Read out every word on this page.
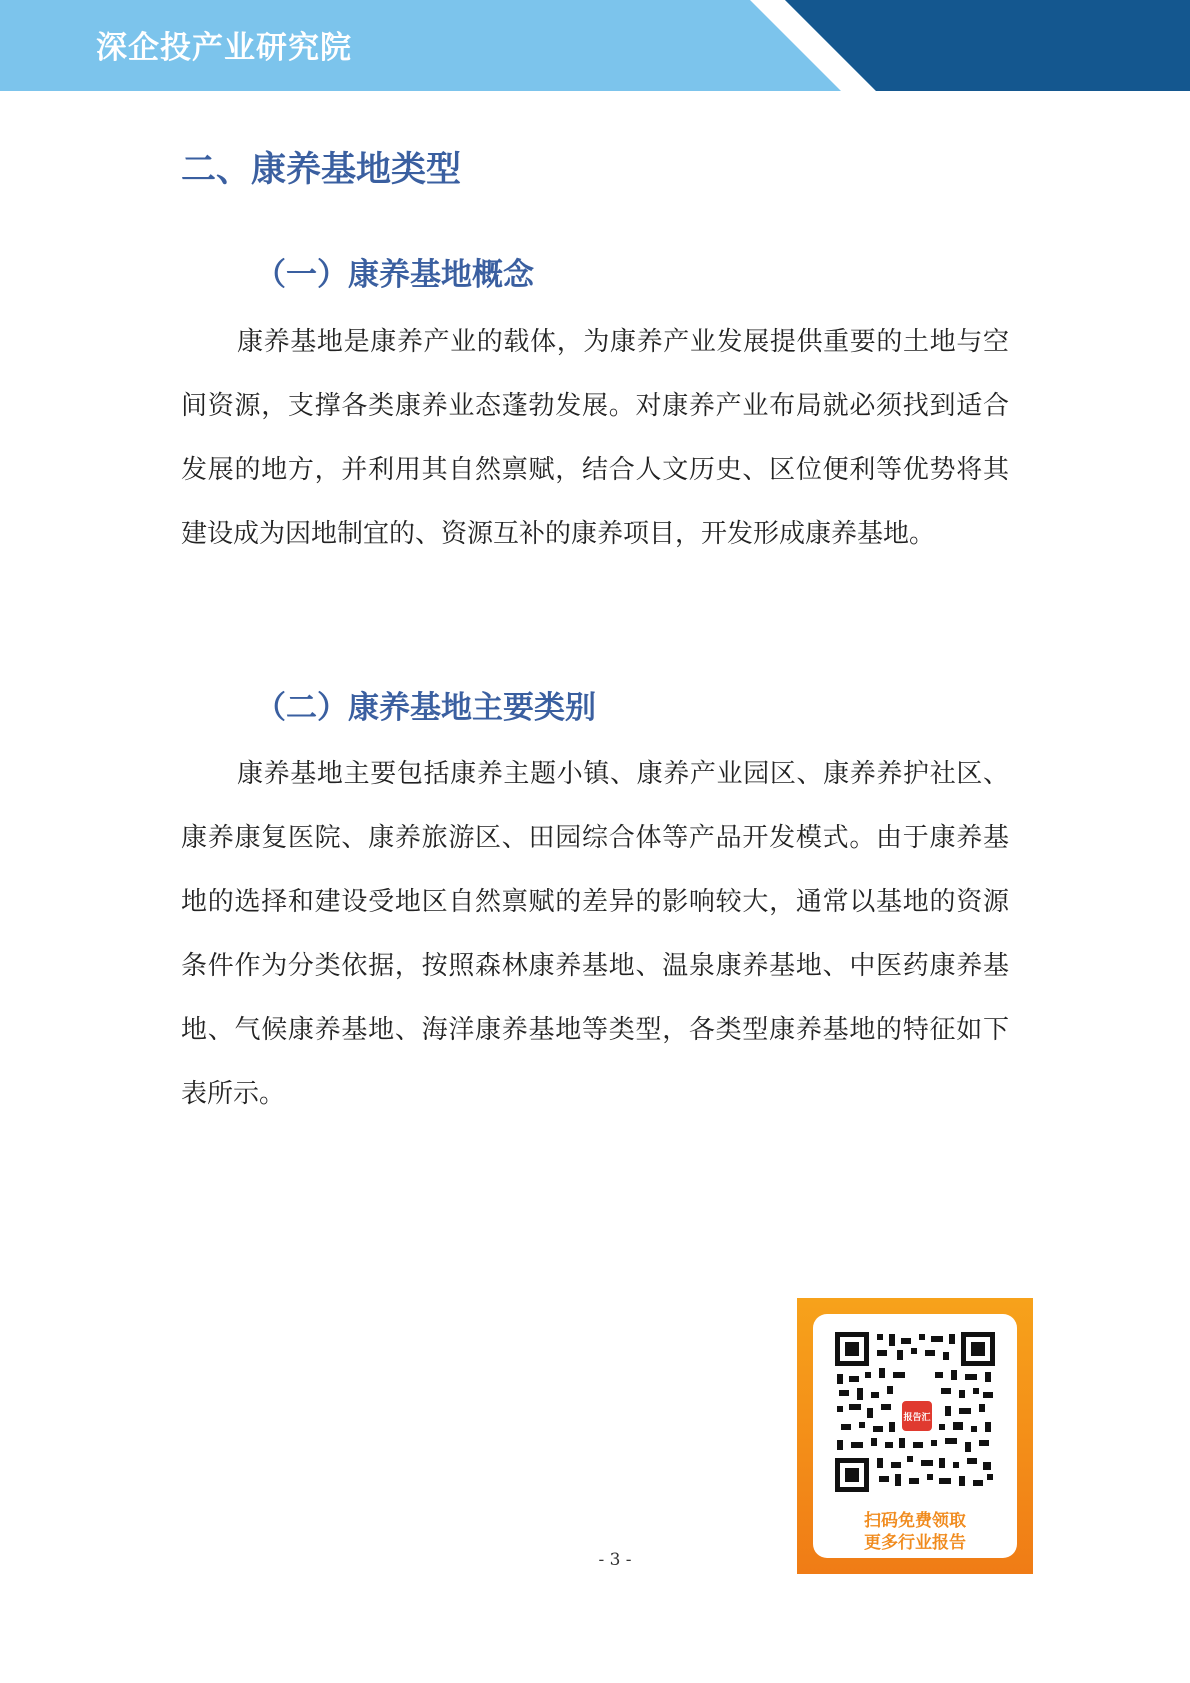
深企投产业研究院
二、康养基地类型
（一）康养基地概念

康养基地是康养产业的载体，为康养产业发展提供重要的土地与空间资源，支撑各类康养业态蓬勃发展。对康养产业布局就必须找到适合发展的地方，并利用其自然禀赋，结合人文历史、区位便利等优势将其建设成为因地制宜的、资源互补的康养项目，开发形成康养基地。

（二）康养基地主要类别

康养基地主要包括康养主题小镇、康养产业园区、康养养护社区、康养康复医院、康养旅游区、田园综合体等产品开发模式。由于康养基地的选择和建设受地区自然禀赋的差异的影响较大，通常以基地的资源条件作为分类依据，按照森林康养基地、温泉康养基地、中医药康养基地、气候康养基地、海洋康养基地等类型，各类型康养基地的特征如下表所示。

报告汇
扫码免费领取
更多行业报告
- 3 -
